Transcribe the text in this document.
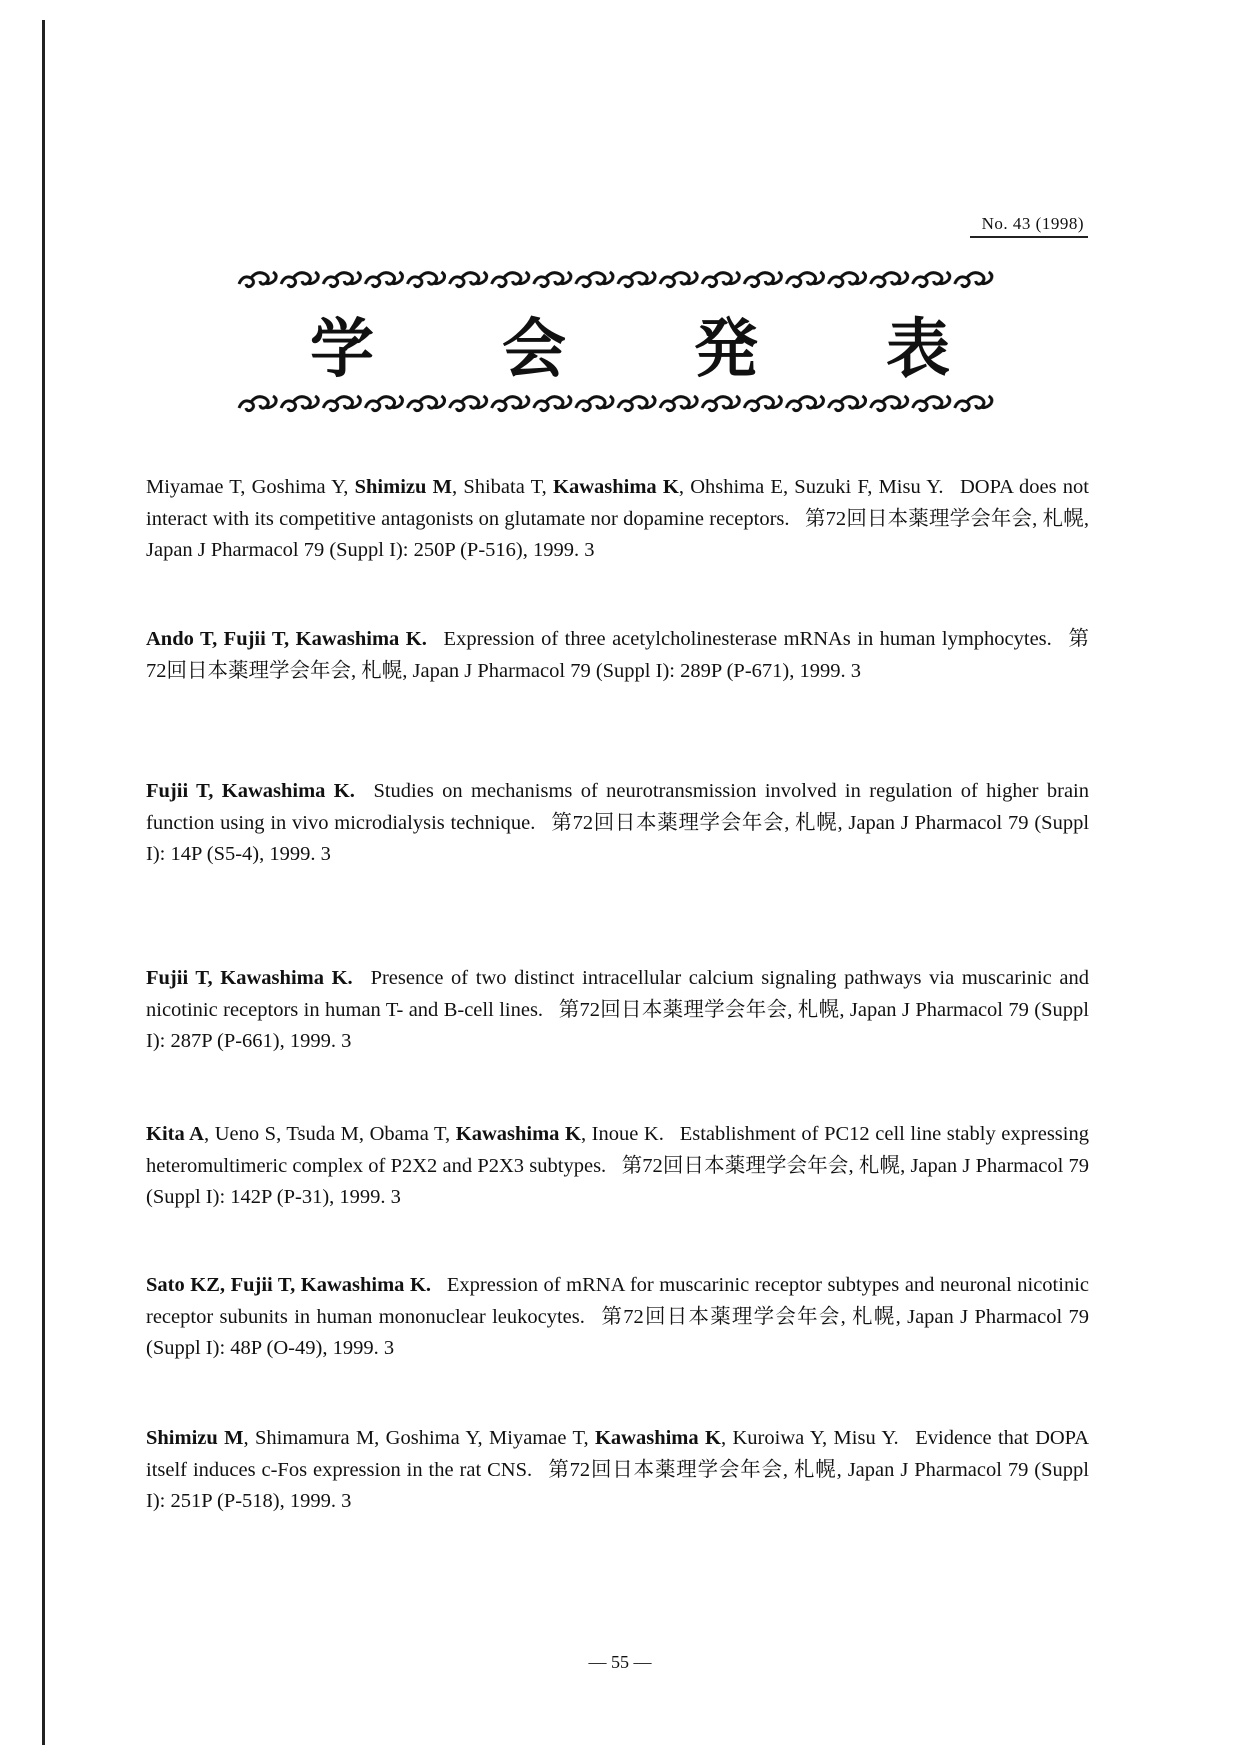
No. 43 (1998)
学 会 発 表

Miyamae T, Goshima Y, Shimizu M, Shibata T, Kawashima K, Ohshima E, Suzuki F, Misu Y.  DOPA does not interact with its competitive antagonists on glutamate nor dopamine receptors.  第72回日本薬理学会年会, 札幌, Japan J Pharmacol 79 (Suppl I): 250P (P-516), 1999. 3

Ando T, Fujii T, Kawashima K.  Expression of three acetylcholinesterase mRNAs in human lymphocytes.  第72回日本薬理学会年会, 札幌, Japan J Pharmacol 79 (Suppl I): 289P (P-671), 1999. 3

Fujii T, Kawashima K.  Studies on mechanisms of neurotransmission involved in regulation of higher brain function using in vivo microdialysis technique.  第72回日本薬理学会年会, 札幌, Japan J Pharmacol 79 (Suppl I): 14P (S5-4), 1999. 3

Fujii T, Kawashima K.  Presence of two distinct intracellular calcium signaling pathways via muscarinic and nicotinic receptors in human T- and B-cell lines.  第72回日本薬理学会年会, 札幌, Japan J Pharmacol 79 (Suppl I): 287P (P-661), 1999. 3

Kita A, Ueno S, Tsuda M, Obama T, Kawashima K, Inoue K.  Establishment of PC12 cell line stably expressing heteromultimeric complex of P2X2 and P2X3 subtypes.  第72回日本薬理学会年会, 札幌, Japan J Pharmacol 79 (Suppl I): 142P (P-31), 1999. 3

Sato KZ, Fujii T, Kawashima K.  Expression of mRNA for muscarinic receptor subtypes and neuronal nicotinic receptor subunits in human mononuclear leukocytes.  第72回日本薬理学会年会, 札幌, Japan J Pharmacol 79 (Suppl I): 48P (O-49), 1999. 3

Shimizu M, Shimamura M, Goshima Y, Miyamae T, Kawashima K, Kuroiwa Y, Misu Y.  Evidence that DOPA itself induces c-Fos expression in the rat CNS.  第72回日本薬理学会年会, 札幌, Japan J Pharmacol 79 (Suppl I): 251P (P-518), 1999. 3

— 55 —
